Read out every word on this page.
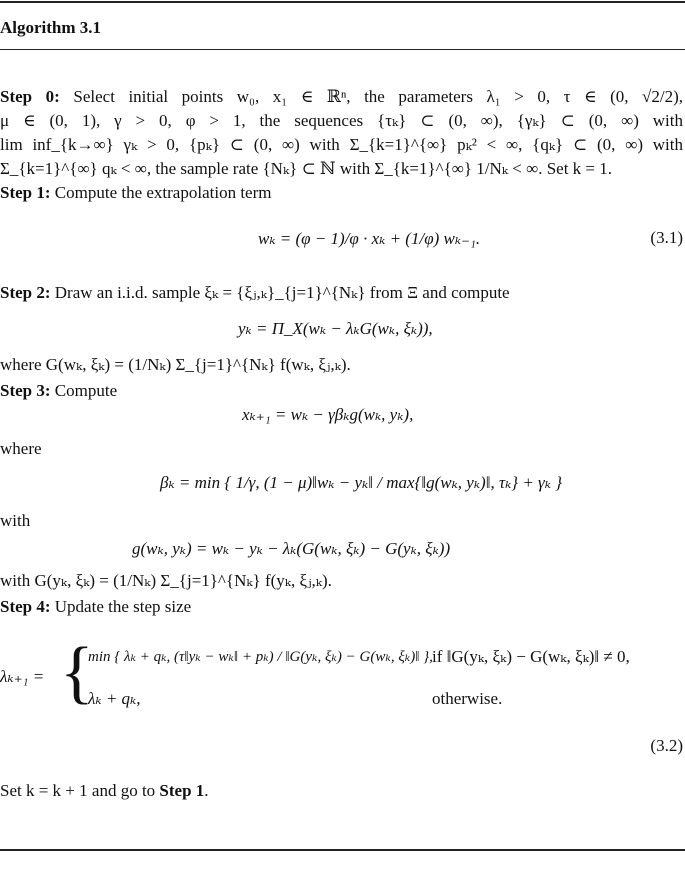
Algorithm 3.1
Step 0: Select initial points w₀, x₁ ∈ ℝⁿ, the parameters λ₁ > 0, τ ∈ (0, √2/2),
μ ∈ (0, 1), γ > 0, φ > 1, the sequences {τₖ} ⊂ (0, ∞), {γₖ} ⊂ (0, ∞) with
lim inf_{k→∞} γₖ > 0, {pₖ} ⊂ (0, ∞) with Σ_{k=1}^{∞} pₖ² < ∞, {qₖ} ⊂ (0, ∞) with
Σ_{k=1}^{∞} qₖ < ∞, the sample rate {Nₖ} ⊂ ℕ with Σ_{k=1}^{∞} 1/Nₖ < ∞. Set k = 1.
Step 1: Compute the extrapolation term
wₖ = (φ − 1)/φ · xₖ + (1/φ) wₖ₋₁.	(3.1)
Step 2: Draw an i.i.d. sample ξₖ = {ξⱼ,ₖ}_{j=1}^{Nₖ} from Ξ and compute
yₖ = Π_X(wₖ − λₖG(wₖ, ξₖ)),
where G(wₖ, ξₖ) = (1/Nₖ) Σ_{j=1}^{Nₖ} f(wₖ, ξⱼ,ₖ).
Step 3: Compute
xₖ₊₁ = wₖ − γβₖg(wₖ, yₖ),
where
βₖ = min { 1/γ, (1 − μ)‖wₖ − yₖ‖ / max{‖g(wₖ, yₖ)‖, τₖ} + γₖ }
with
g(wₖ, yₖ) = wₖ − yₖ − λₖ(G(wₖ, ξₖ) − G(yₖ, ξₖ))
with G(yₖ, ξₖ) = (1/Nₖ) Σ_{j=1}^{Nₖ} f(yₖ, ξⱼ,ₖ).
Step 4: Update the step size
λₖ₊₁ = {
min { λₖ + qₖ, (τ‖yₖ − wₖ‖ + pₖ) / ‖G(yₖ, ξₖ) − G(wₖ, ξₖ)‖ }, if ‖G(yₖ, ξₖ) − G(wₖ, ξₖ)‖ ≠ 0,
λₖ + qₖ,	otherwise.
(3.2)
Set k = k + 1 and go to Step 1.
